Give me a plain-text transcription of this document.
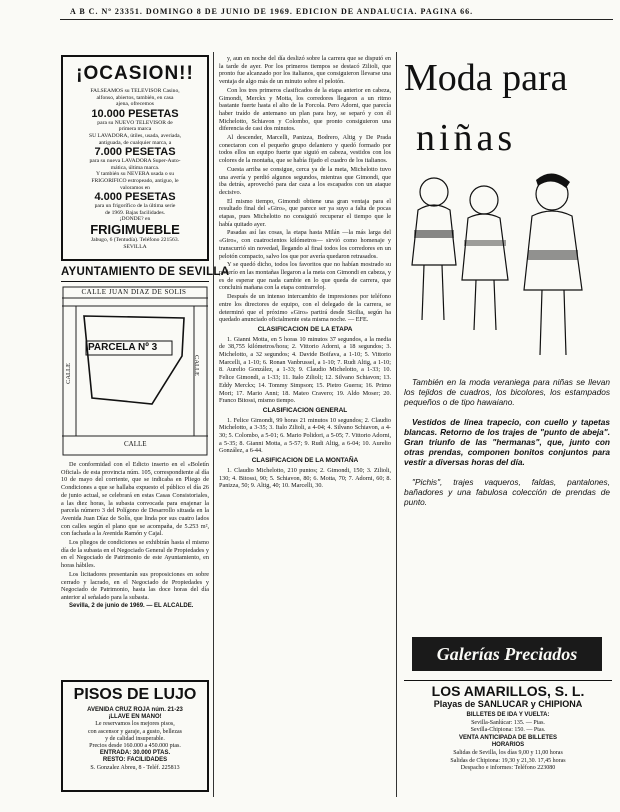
A B C. Nº 23351. DOMINGO 8 DE JUNIO DE 1969. EDICION DE ANDALUCIA. PAGINA 66.
¡OCASION!!
FALSEAMOS su TELEVISOR Casino,
alfonso, abiertos, también, en casa
ajena, ofrecemos
10.000 PESETAS
para su NUEVO TELEVISOR de
primera marca
SU LAVADORA, útiles, usada, averiada,
antiguada, de cualquier marca, a
7.000 PESETAS
para su nueva LAVADORA Super-Auto-
mática, última marca.
Y también su NEVERA usada o su
FRIGORIFICO estropeado, antiguo, le
valoramos en
4.000 PESETAS
para un frigorífico de la última serie
de 1969. Bajas facilidades.
¡DONDE? en
FRIGIMUEBLE
Jabugo, 6 (Tentudía). Teléfono 221563.
SEVILLA
AYUNTAMIENTO DE SEVILLA
CALLE JUAN DIAZ DE SOLIS
PARCELA Nº 3
CALLE	CALLE
CALLE

De conformidad con el Edicto inserto en el «Boletín Oficial» de esta provincia núm. 105, correspondiente al día 10 de mayo del corriente, que se indicaba en Pliego de Condiciones a que se hallaba expuesto el público el día 26 de junio actual, se celebrará en estas Casas Consistoriales, a las diez horas, la subasta convocada para enajenar la parcela número 3 del Polígono de Desarrollo situada en la Avenida Juan Díaz de Solís, que linda por sus cuatro lados con calles según el plano que se acompaña, de 5.253 m², con fachada a la Avenida Ramón y Cajal.

Los pliegos de condiciones se exhibirán hasta el mismo día de la subasta en el Negociado General de Propiedades y en el Negociado de Patrimonio de este Ayuntamiento, en horas hábiles.

Los licitadores presentarán sus proposiciones en sobre cerrado y lacrado, en el Negociado de Propiedades y Negociado de Patrimonio, hasta las doce horas del día anterior al señalado para la subasta.

Sevilla, 2 de junio de 1969. — EL ALCALDE.

PISOS DE LUJO
AVENIDA CRUZ ROJA núm. 21-23
¡LLAVE EN MANO!
Le reservamos los mejores pisos,
con ascensor y garaje, a gusto, bellezas
y de calidad insuperable.
Precios desde 160.000 a 450.000 ptas.
ENTRADA: 30.000 PTAS.
RESTO: FACILIDADES
S. Gonzalez Abreu, 8 - Teléf. 225813

y, aun en noche del día deslizó sobre la carrera que se disputó en la tarde de ayer. Por los primeros tiempos se destacó Zilioli, que pronto fue alcanzado por los italianos, que consiguieron llevarse una ventaja de algo más de un minuto sobre el pelotón.

Con los tres primeros clasificados de la etapa anterior en cabeza, Gimondi, Merckx y Motta, los corredores llegaron a un ritmo bastante fuerte hasta el alto de la Forcola. Pero Adorni, que parecía haber traído de antemano un plan para hoy, se separó y con él Michelotto, Schiavon y Colombo, que pronto consiguieron una diferencia de casi dos minutos.

Al descender, Marcelli, Panizza, Bodrero, Altig y De Prada conectaron con el pequeño grupo delantero y quedó formado por todos ellos un equipo fuerte que siguió en cabeza, vestidos con los colores de la montaña, que se había fijado el cuadro de los italianos.

Cuesta arriba se consigue, cerca ya de la meta, Michelotto tuvo una avería y perdió algunos segundos, mientras que Gimondi, que iba detrás, aprovechó para dar caza a los escapados con un ataque decisivo.

El mismo tiempo, Gimondi obtiene una gran ventaja para el resultado final del «Giro», que parece ser ya suyo a falta de pocas etapas, pues Michelotto no consiguió recuperar el tiempo que le había quitado ayer.

Pasadas así las cosas, la etapa hasta Milán —la más larga del «Giro», con cuatrocientos kilómetros— sirvió como homenaje y transcurrió sin novedad, llegando al final todos los corredores en un pelotón compacto, salvo los que por avería quedaron retrasados.

Y se quedó dicho, todos los favoritos que no habían mostrado su poderío en las montañas llegaron a la meta con Gimondi en cabeza, y es de esperar que nada cambie en lo que queda de carrera, que concluirá mañana con la etapa contrarreloj.

Después de un intenso intercambio de impresiones por teléfono entre los directores de equipo, con el delegado de la carrera, se determinó que el próximo «Giro» partirá desde Sicilia, según ha quedado anunciado oficialmente esta misma noche. — EFE.

CLASIFICACION DE LA ETAPA

1. Gianni Motta, en 5 horas 10 minutos 37 segundos, a la media de 38,755 kilómetros/hora; 2. Vittorio Adorni, a 18 segundos; 3. Michelotto, a 32 segundos; 4. Davide Boifava, a 1-10; 5. Vittorio Marcelli, a 1-10; 6. Ronan Vanbrussel, a 1-10; 7. Rudi Altig, a 1-10; 8. Aurelio González, a 1-33; 9. Claudio Michelotto, a 1-33; 10. Felice Gimondi, a 1-33; 11. Italo Zilioli; 12. Silvano Schiavon; 13. Eddy Merckx; 14. Tommy Simpson; 15. Pietro Guerra; 16. Primo Mori; 17. Mario Anni; 18. Mateo Cravero; 19. Aldo Moser; 20. Franco Bitossi, mismo tiempo.

CLASIFICACION GENERAL

1. Felice Gimondi, 99 horas 21 minutos 10 segundos; 2. Claudio Michelotto, a 3-35; 3. Italo Zilioli, a 4-04; 4. Silvano Schiavon, a 4-30; 5. Colombo, a 5-01; 6. Mario Polidori, a 5-05; 7. Vittorio Adorni, a 5-35; 8. Gianni Motta, a 5-57; 9. Rudi Altig, a 6-04; 10. Aurelio González, a 6-44.

CLASIFICACION DE LA MONTAÑA

1. Claudio Michelotto, 210 puntos; 2. Gimondi, 150; 3. Zilioli, 130; 4. Bitossi, 90; 5. Schiavon, 80; 6. Motta, 70; 7. Adorni, 60; 8. Panizza, 50; 9. Altig, 40; 10. Marcelli, 30.

Moda para
niñas

También en la moda veraniega para niñas se llevan los tejidos de cuadros, los bicolores, los estampados pequeños o de tipo hawaiano.

Vestidos de línea trapecio, con cuello y tapetas blancas. Retorno de los trajes de "punto de abeja". Gran triunfo de las "hermanas", que, junto con otras prendas, componen bonitos conjuntos para vestir a diversas horas del día.

"Pichis", trajes vaqueros, faldas, pantalones, bañadores y una fabulosa colección de prendas de punto.

Galerías Preciados
LOS AMARILLOS, S. L.
Playas de SANLUCAR y CHIPIONA
BILLETES DE IDA Y VUELTA:
Sevilla-Sanlúcar: 135. — Ptas.
Sevilla-Chipiona: 150. — Ptas.
VENTA ANTICIPADA DE BILLETES
HORARIOS
Salidas de Sevilla, los días 9,00 y 11,00 horas
Salidas de Chipiona: 19,30 y 21,30. 17,45 horas
Despacho e informes: Teléfono 223080
